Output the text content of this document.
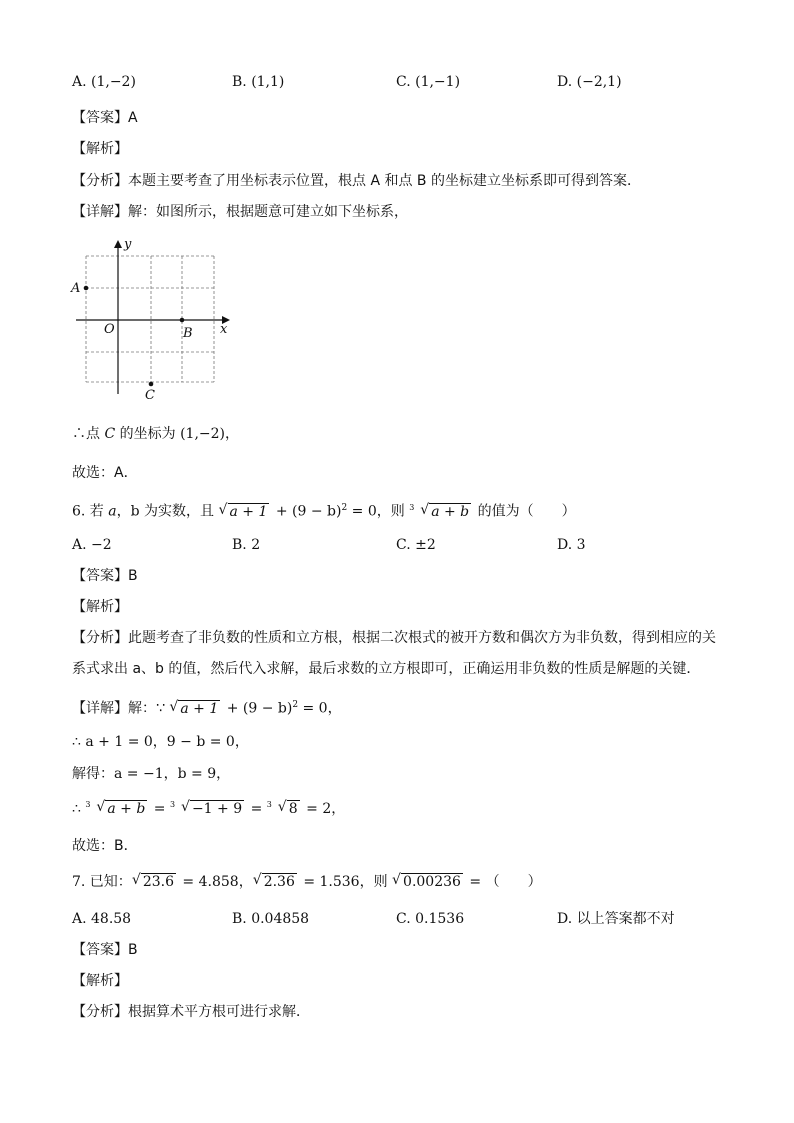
A. (1,−2)	B. (1,1)	C. (1,−1)	D. (−2,1)
【答案】A
【解析】
【分析】本题主要考查了用坐标表示位置，根点 A 和点 B 的坐标建立坐标系即可得到答案．
【详解】解：如图所示，根据题意可建立如下坐标系，
y
x
O
A
B
C
∴点 C 的坐标为 (1,−2)，
故选：A．
6. 若 a，b 为实数，且 √ $a + 1 + (9 - b)^2 = 0$，则 3 √ a + b 的值为（　　）
A. −2	B. 2	C. ±2	D. 3
【答案】B
【解析】
【分析】此题考查了非负数的性质和立方根，根据二次根式的被开方数和偶次方为非负数，得到相应的关
系式求出 a、b 的值，然后代入求解，最后求数的立方根即可，正确运用非负数的性质是解题的关键．
【详解】解：∵ √ $a + 1 + (9 - b)^2 = 0$，
∴ a + 1 = 0，9 − b = 0，
解得：a = −1，b = 9，
∴ 3 √ a + b = 3 √ −1 + 9 = 3 √ 8 = 2，
故选：B．
7. 已知： √ 23.6 = 4.858， √ 2.36 = 1.536，则 √ 0.00236 = （　　）
A. 48.58	B. 0.04858	C. 0.1536	D. 以上答案都不对
【答案】B
【解析】
【分析】根据算术平方根可进行求解．
